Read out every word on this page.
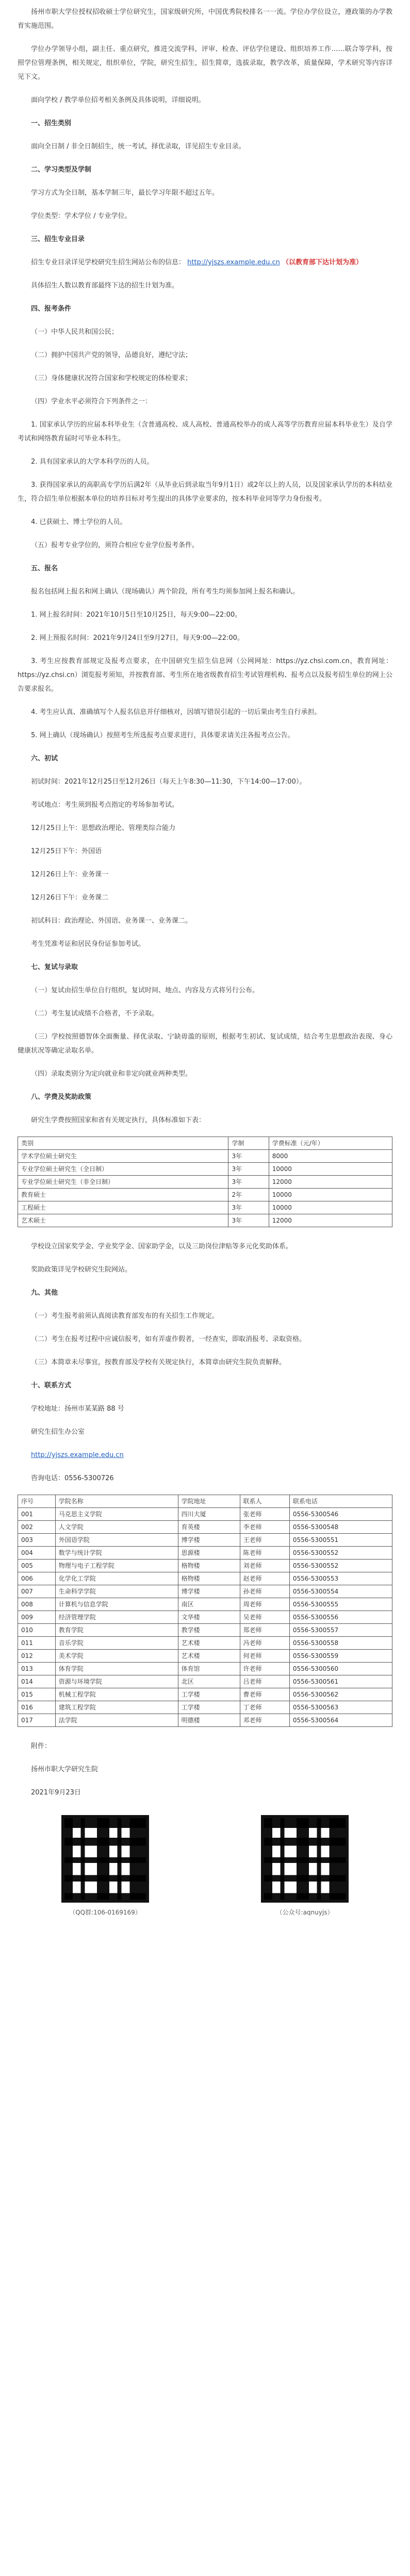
扬州市职大学位授权招收硕士学位研究生，国家级研究所，中国优秀院校排名一一流。学位办学位设立，遵政策的办学教育实施范围。

学位办学领导小组，副主任、重点研究，推进交流学科，评审、检查、评估学位建设、组织培养工作……联合等学科，按照学位管理条例，相关规定，组织单位，学院，研究生招生，招生简章，选拔录取，教学改革，质量保障，学术研究等内容详见下文。

面向学校 / 教学单位招考相关条例及具体说明，详细说明。

一、招生类别

面向全日制 / 非全日制招生，统一考试，择优录取，详见招生专业目录。

二、学习类型及学制

学习方式为全日制，基本学制三年，最长学习年限不超过五年。

学位类型：学术学位 / 专业学位。

三、招生专业目录

招生专业目录详见学校研究生招生网站公布的信息： http://yjszs.example.edu.cn （以教育部下达计划为准）

具体招生人数以教育部最终下达的招生计划为准。

四、报考条件

（一）中华人民共和国公民；

（二）拥护中国共产党的领导，品德良好，遵纪守法；

（三）身体健康状况符合国家和学校规定的体检要求；

（四）学业水平必须符合下列条件之一：

1. 国家承认学历的应届本科毕业生（含普通高校、成人高校、普通高校举办的成人高等学历教育应届本科毕业生）及自学考试和网络教育届时可毕业本科生。

2. 具有国家承认的大学本科学历的人员。

3. 获得国家承认的高职高专学历后满2年（从毕业后到录取当年9月1日）或2年以上的人员，以及国家承认学历的本科结业生，符合招生单位根据本单位的培养目标对考生提出的具体学业要求的，按本科毕业同等学力身份报考。

4. 已获硕士、博士学位的人员。

（五）报考专业学位的，须符合相应专业学位报考条件。

五、报名

报名包括网上报名和网上确认（现场确认）两个阶段，所有考生均须参加网上报名和确认。

1. 网上报名时间：2021年10月5日至10月25日，每天9:00—22:00。

2. 网上预报名时间：2021年9月24日至9月27日，每天9:00—22:00。

3. 考生应按教育部规定及报考点要求，在中国研究生招生信息网（公网网址：https://yz.chsi.com.cn，教育网址：https://yz.chsi.cn）浏览报考须知，并按教育部、考生所在地省级教育招生考试管理机构、报考点以及报考招生单位的网上公告要求报名。

4. 考生应认真、准确填写个人报名信息并仔细核对，因填写错误引起的一切后果由考生自行承担。

5. 网上确认（现场确认）按照考生所选报考点要求进行，具体要求请关注各报考点公告。

六、初试

初试时间：2021年12月25日至12月26日（每天上午8:30—11:30，下午14:00—17:00）。

考试地点：考生须到报考点指定的考场参加考试。

12月25日上午：思想政治理论、管理类综合能力

12月25日下午：外国语

12月26日上午：业务课一

12月26日下午：业务课二

初试科目：政治理论、外国语、业务课一、业务课二。

考生凭准考证和居民身份证参加考试。

七、复试与录取

（一）复试由招生单位自行组织，复试时间、地点、内容及方式将另行公布。

（二）考生复试成绩不合格者，不予录取。

（三）学校按照德智体全面衡量、择优录取、宁缺毋滥的原则，根据考生初试、复试成绩，结合考生思想政治表现、身心健康状况等确定录取名单。

（四）录取类别分为定向就业和非定向就业两种类型。

八、学费及奖助政策

研究生学费按照国家和省有关规定执行，具体标准如下表：

类别	学制	学费标准（元/年）
学术学位硕士研究生	3年	8000
专业学位硕士研究生（全日制）	3年	10000
专业学位硕士研究生（非全日制）	3年	12000
教育硕士	2年	10000
工程硕士	3年	10000
艺术硕士	3年	12000

学校设立国家奖学金、学业奖学金、国家助学金，以及三助岗位津贴等多元化奖助体系。

奖助政策详见学校研究生院网站。

九、其他

（一）考生报考前须认真阅读教育部发布的有关招生工作规定。

（二）考生在报考过程中应诚信报考，如有弄虚作假者，一经查实，即取消报考、录取资格。

（三）本简章未尽事宜，按教育部及学校有关规定执行，本简章由研究生院负责解释。

十、联系方式

学校地址：扬州市某某路 88 号

研究生招生办公室

http://yjszs.example.edu.cn

咨询电话：0556-5300726

序号	学院名称	学院地址	联系人	联系电话
001	马克思主义学院	四川大厦	张老师	0556-5300546
002	人文学院	育英楼	李老师	0556-5300548
003	外国语学院	博学楼	王老师	0556-5300551
004	数学与统计学院	思源楼	陈老师	0556-5300552
005	物理与电子工程学院	格物楼	刘老师	0556-5300552
006	化学化工学院	格物楼	赵老师	0556-5300553
007	生命科学学院	博学楼	孙老师	0556-5300554
008	计算机与信息学院	南区	周老师	0556-5300555
009	经济管理学院	文华楼	吴老师	0556-5300556
010	教育学院	教学楼	郑老师	0556-5300557
011	音乐学院	艺术楼	冯老师	0556-5300558
012	美术学院	艺术楼	何老师	0556-5300559
013	体育学院	体育馆	许老师	0556-5300560
014	资源与环境学院	北区	吕老师	0556-5300561
015	机械工程学院	工学楼	曹老师	0556-5300562
016	建筑工程学院	工学楼	丁老师	0556-5300563
017	法学院	明德楼	邓老师	0556-5300564

附件：

扬州市职大学研究生院

2021年9月23日

（QQ群:106-0169169）	（公众号:aqnuyjs）
